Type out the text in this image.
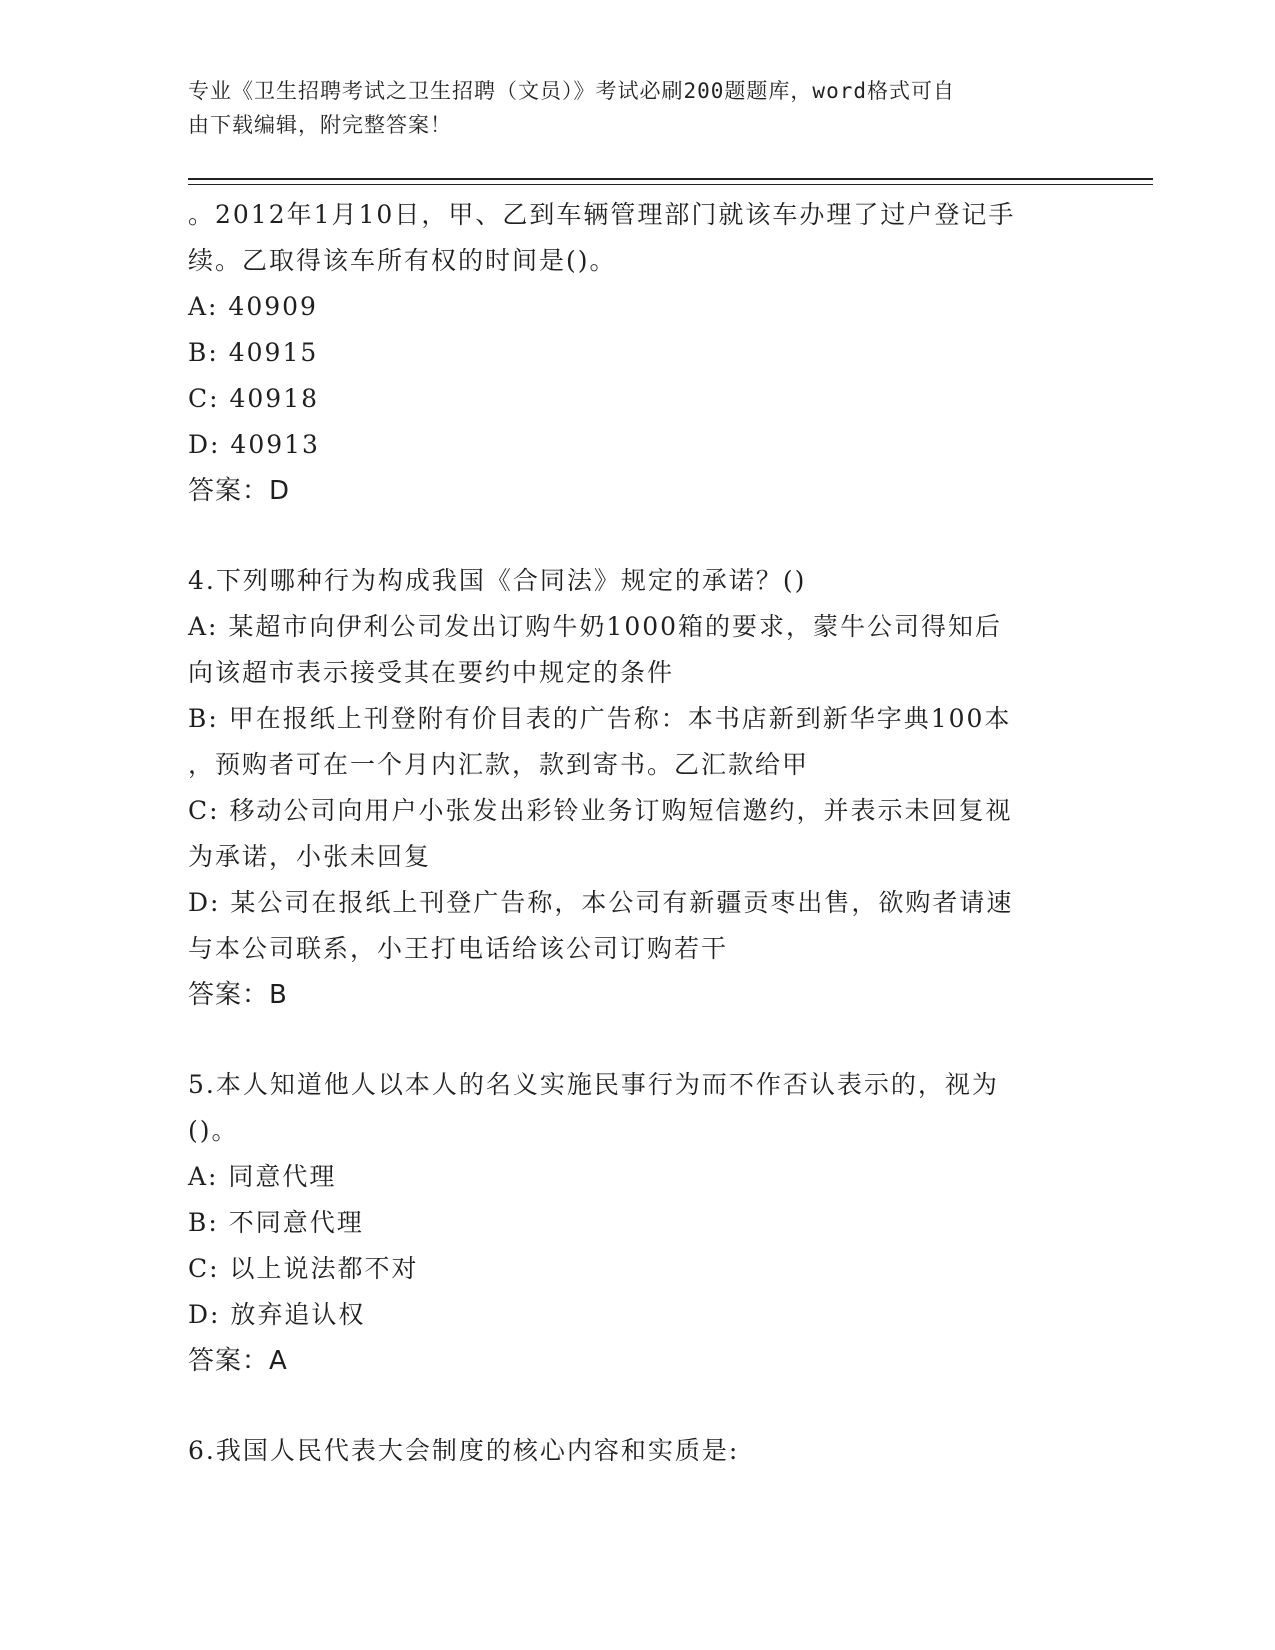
专业《卫生招聘考试之卫生招聘（文员）》考试必刷200题题库，word格式可自
由下载编辑，附完整答案！

。2012年1月10日，甲、乙到车辆管理部门就该车办理了过户登记手

续。乙取得该车所有权的时间是()。

A: 40909

B: 40915

C: 40918

D: 40913

答案：D

4.下列哪种行为构成我国《合同法》规定的承诺？()

A: 某超市向伊利公司发出订购牛奶1000箱的要求，蒙牛公司得知后

向该超市表示接受其在要约中规定的条件

B: 甲在报纸上刊登附有价目表的广告称：本书店新到新华字典100本

，预购者可在一个月内汇款，款到寄书。乙汇款给甲

C: 移动公司向用户小张发出彩铃业务订购短信邀约，并表示未回复视

为承诺，小张未回复

D: 某公司在报纸上刊登广告称，本公司有新疆贡枣出售，欲购者请速

与本公司联系，小王打电话给该公司订购若干

答案：B

5.本人知道他人以本人的名义实施民事行为而不作否认表示的，视为

()。

A: 同意代理

B: 不同意代理

C: 以上说法都不对

D: 放弃追认权

答案：A

6.我国人民代表大会制度的核心内容和实质是:
